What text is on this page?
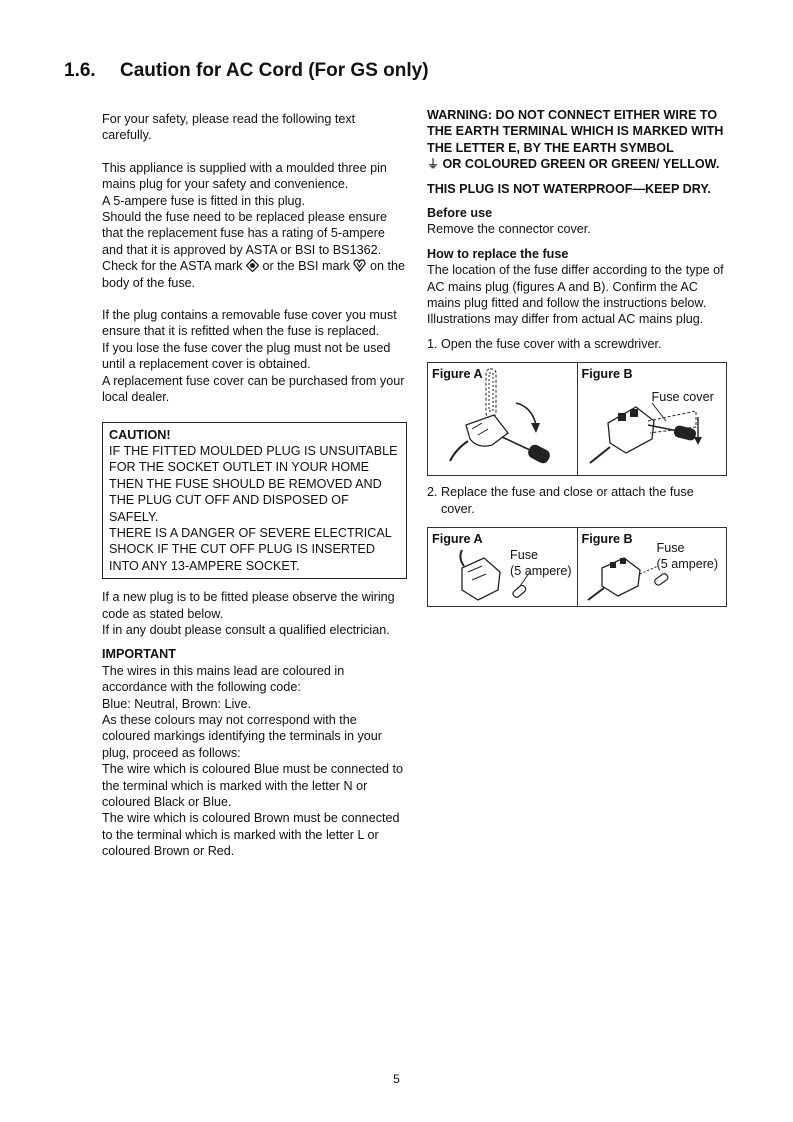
1.6. Caution for AC Cord (For GS only)

For your safety, please read the following text carefully.

This appliance is supplied with a moulded three pin mains plug for your safety and convenience.

A 5-ampere fuse is fitted in this plug.

Should the fuse need to be replaced please ensure that the replacement fuse has a rating of 5-ampere and that it is approved by ASTA or BSI to BS1362.

Check for the ASTA mark or the BSI mark on the body of the fuse.

If the plug contains a removable fuse cover you must ensure that it is refitted when the fuse is replaced.

If you lose the fuse cover the plug must not be used until a replacement cover is obtained.

A replacement fuse cover can be purchased from your local dealer.

CAUTION!

IF THE FITTED MOULDED PLUG IS UNSUITABLE FOR THE SOCKET OUTLET IN YOUR HOME THEN THE FUSE SHOULD BE REMOVED AND THE PLUG CUT OFF AND DISPOSED OF SAFELY.

THERE IS A DANGER OF SEVERE ELECTRICAL SHOCK IF THE CUT OFF PLUG IS INSERTED INTO ANY 13-AMPERE SOCKET.

If a new plug is to be fitted please observe the wiring code as stated below.

If in any doubt please consult a qualified electrician.

IMPORTANT

The wires in this mains lead are coloured in accordance with the following code:

Blue: Neutral, Brown: Live.

As these colours may not correspond with the coloured markings identifying the terminals in your plug, proceed as follows:

The wire which is coloured Blue must be connected to the terminal which is marked with the letter N or coloured Black or Blue.

The wire which is coloured Brown must be connected to the terminal which is marked with the letter L or coloured Brown or Red.

WARNING: DO NOT CONNECT EITHER WIRE TO THE EARTH TERMINAL WHICH IS MARKED WITH THE LETTER E, BY THE EARTH SYMBOL
⏚ OR COLOURED GREEN OR GREEN/ YELLOW.

THIS PLUG IS NOT WATERPROOF—KEEP DRY.

Before use

Remove the connector cover.

How to replace the fuse

The location of the fuse differ according to the type of AC mains plug (figures A and B). Confirm the AC mains plug fitted and follow the instructions below.

Illustrations may differ from actual AC mains plug.

1. Open the fuse cover with a screwdriver.

Figure A	Figure B
Fuse cover

2. Replace the fuse and close or attach the fuse cover.

Figure A
Fuse
(5 ampere)
Figure B
Fuse
(5 ampere)
5
